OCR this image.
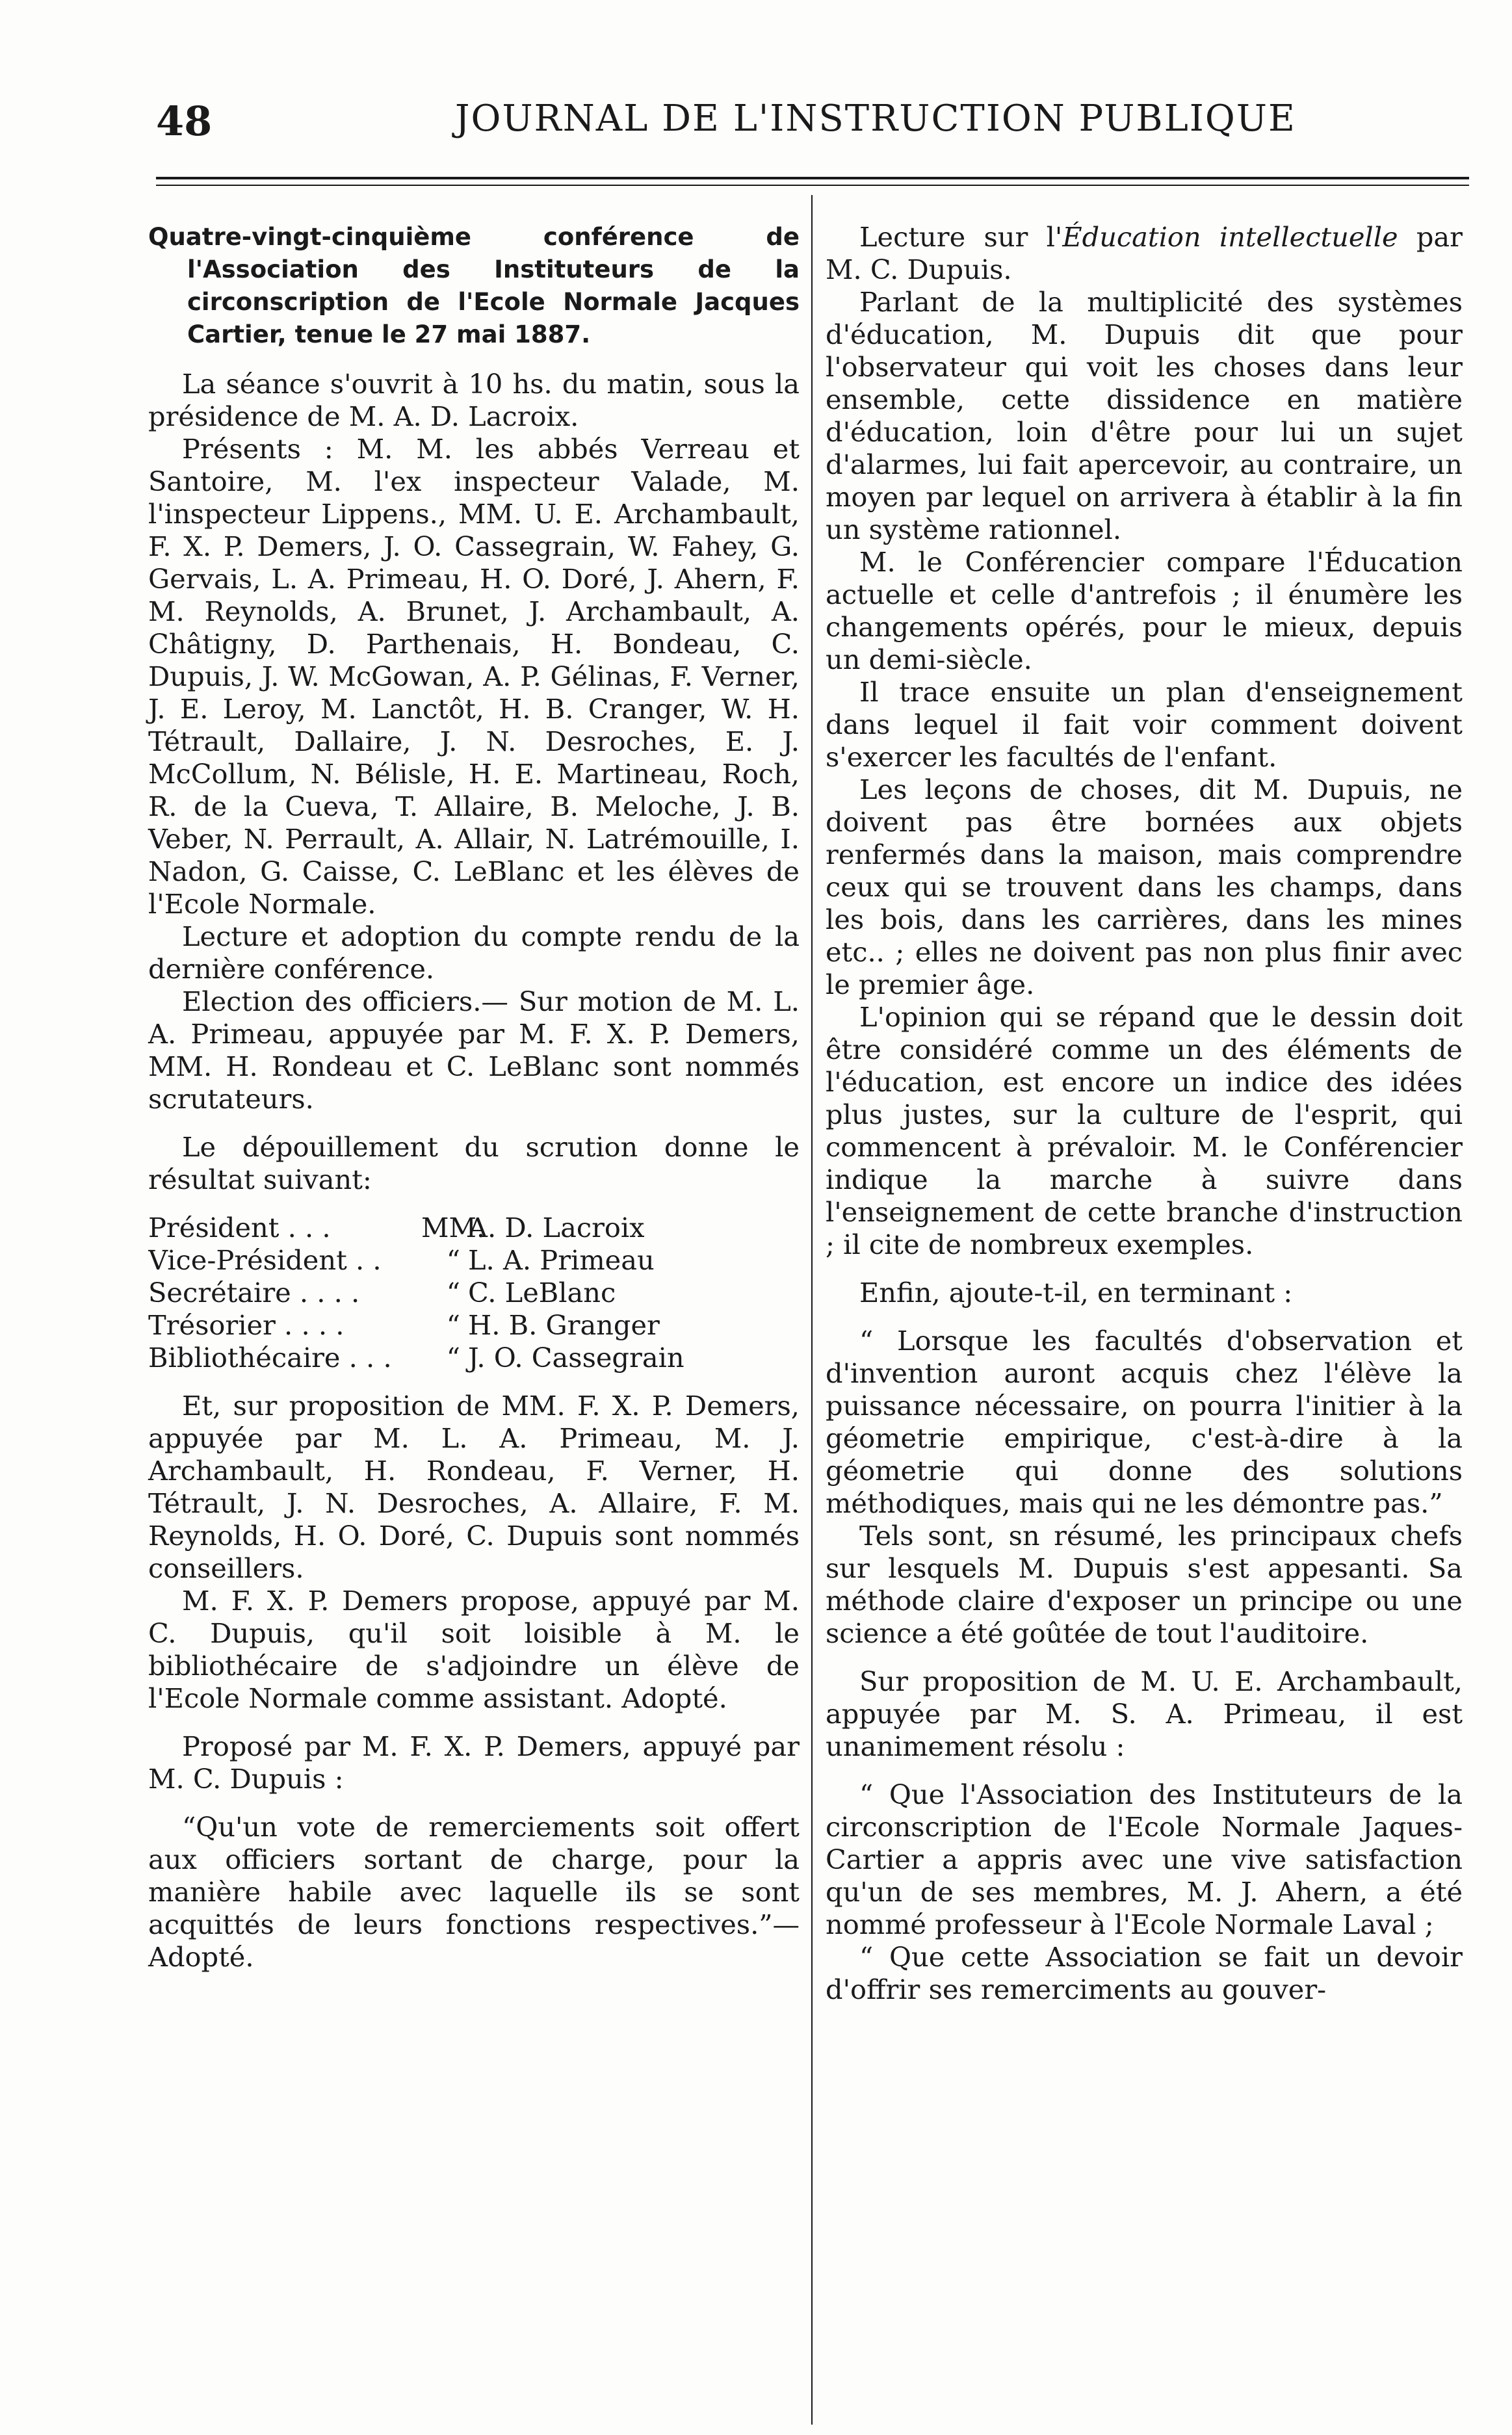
48	JOURNAL DE L'INSTRUCTION PUBLIQUE
Quatre-vingt-cinquième conférence de l'Association des Instituteurs de la circonscription de l'Ecole Normale Jacques Cartier, tenue le 27 mai 1887.

La séance s'ouvrit à 10 hs. du matin, sous la présidence de M. A. D. Lacroix.

Présents : M. M. les abbés Verreau et Santoire, M. l'ex inspecteur Valade, M. l'inspecteur Lippens., MM. U. E. Archambault, F. X. P. Demers, J. O. Cassegrain, W. Fahey, G. Gervais, L. A. Primeau, H. O. Doré, J. Ahern, F. M. Reynolds, A. Brunet, J. Archambault, A. Châtigny, D. Parthenais, H. Bondeau, C. Dupuis, J. W. McGowan, A. P. Gélinas, F. Verner, J. E. Leroy, M. Lanctôt, H. B. Cranger, W. H. Tétrault, Dallaire, J. N. Desroches, E. J. McCollum, N. Bélisle, H. E. Martineau, Roch, R. de la Cueva, T. Allaire, B. Meloche, J. B. Veber, N. Perrault, A. Allair, N. Latrémouille, I. Nadon, G. Caisse, C. LeBlanc et les élèves de l'Ecole Normale.

Lecture et adoption du compte rendu de la dernière conférence.

Election des officiers.— Sur motion de M. L. A. Primeau, appuyée par M. F. X. P. Demers, MM. H. Rondeau et C. LeBlanc sont nommés scrutateurs.

Le dépouillement du scrution donne le résultat suivant:

Président . . .	MM.A. D. Lacroix
Vice-Président . .	“ L. A. Primeau
Secrétaire . . . .	“ C. LeBlanc
Trésorier . . . .	“ H. B. Granger
Bibliothécaire . . .	“ J. O. Cassegrain

Et, sur proposition de MM. F. X. P. Demers, appuyée par M. L. A. Primeau, M. J. Archambault, H. Rondeau, F. Verner, H. Tétrault, J. N. Desroches, A. Allaire, F. M. Reynolds, H. O. Doré, C. Dupuis sont nommés conseillers.

M. F. X. P. Demers propose, appuyé par M. C. Dupuis, qu'il soit loisible à M. le bibliothécaire de s'adjoindre un élève de l'Ecole Normale comme assistant. Adopté.

Proposé par M. F. X. P. Demers, appuyé par M. C. Dupuis :

“Qu'un vote de remerciements soit offert aux officiers sortant de charge, pour la manière habile avec laquelle ils se sont acquittés de leurs fonctions respectives.”—Adopté.

Lecture sur l'Éducation intellectuelle par M. C. Dupuis.

Parlant de la multiplicité des systèmes d'éducation, M. Dupuis dit que pour l'observateur qui voit les choses dans leur ensemble, cette dissidence en matière d'éducation, loin d'être pour lui un sujet d'alarmes, lui fait apercevoir, au contraire, un moyen par lequel on arrivera à établir à la fin un système rationnel.

M. le Conférencier compare l'Éducation actuelle et celle d'antrefois ; il énumère les changements opérés, pour le mieux, depuis un demi-siècle.

Il trace ensuite un plan d'enseignement dans lequel il fait voir comment doivent s'exercer les facultés de l'enfant.

Les leçons de choses, dit M. Dupuis, ne doivent pas être bornées aux objets renfermés dans la maison, mais comprendre ceux qui se trouvent dans les champs, dans les bois, dans les carrières, dans les mines etc.. ; elles ne doivent pas non plus finir avec le premier âge.

L'opinion qui se répand que le dessin doit être considéré comme un des éléments de l'éducation, est encore un indice des idées plus justes, sur la culture de l'esprit, qui commencent à prévaloir. M. le Conférencier indique la marche à suivre dans l'enseignement de cette branche d'instruction ; il cite de nombreux exemples.

Enfin, ajoute-t-il, en terminant :

“ Lorsque les facultés d'observation et d'invention auront acquis chez l'élève la puissance nécessaire, on pourra l'initier à la géometrie empirique, c'est-à-dire à la géometrie qui donne des solutions méthodiques, mais qui ne les démontre pas.”

Tels sont, sn résumé, les principaux chefs sur lesquels M. Dupuis s'est appesanti. Sa méthode claire d'exposer un principe ou une science a été goûtée de tout l'auditoire.

Sur proposition de M. U. E. Archambault, appuyée par M. S. A. Primeau, il est unanimement résolu :

“ Que l'Association des Instituteurs de la circonscription de l'Ecole Normale Jaques-Cartier a appris avec une vive satisfaction qu'un de ses membres, M. J. Ahern, a été nommé professeur à l'Ecole Normale Laval ;

“ Que cette Association se fait un devoir d'offrir ses remerciments au gouver-
